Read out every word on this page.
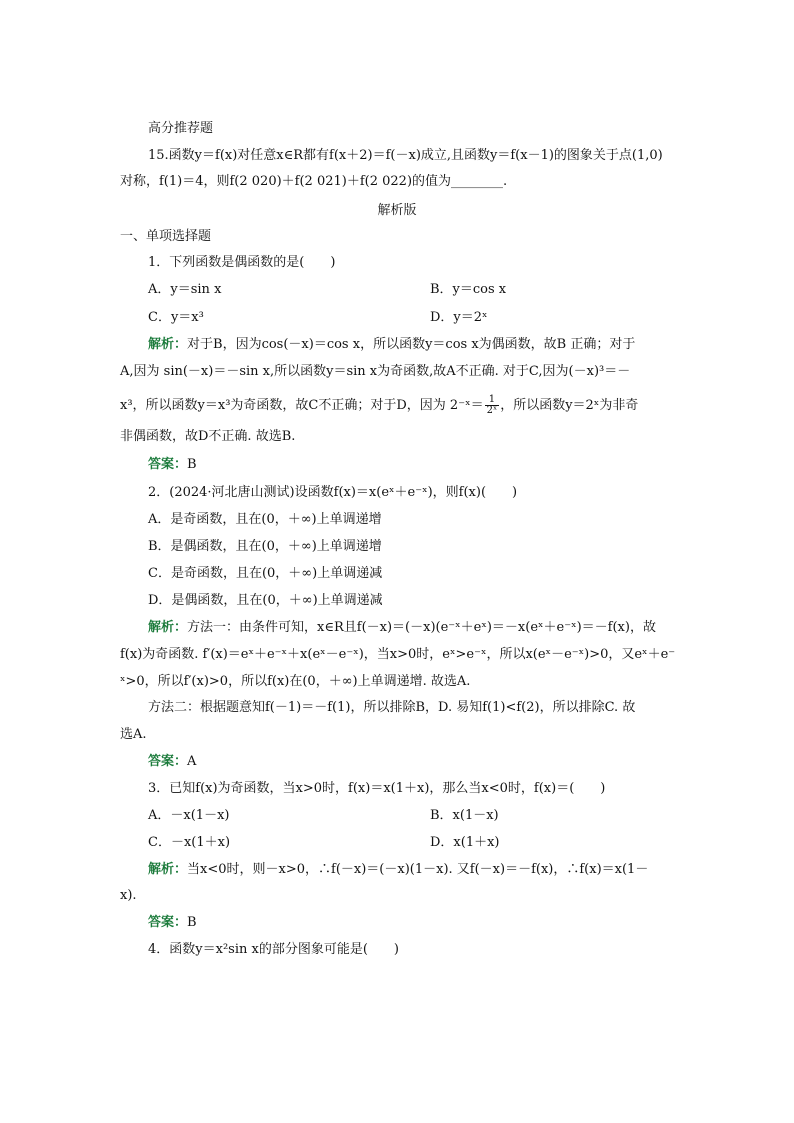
高分推荐题
15.函数y＝f(x)对任意x∈R都有f(x＋2)＝f(－x)成立,且函数y＝f(x－1)的图象关于点(1,0)
对称，f(1)＝4，则f(2 020)＋f(2 021)＋f(2 022)的值为________.
解析版
一、单项选择题
1．下列函数是偶函数的是(　　)
A．y＝sin x	B．y＝cos x
C．y＝x³	D．y＝2ˣ
解析：对于B，因为cos(－x)＝cos x，所以函数y＝cos x为偶函数，故B 正确；对于
A,因为 sin(－x)＝－sin x,所以函数y＝sin x为奇函数,故A不正确. 对于C,因为(－x)³＝－
x³，所以函数y＝x³为奇函数，故C不正确；对于D，因为 2⁻ˣ＝ $\frac{1}{\text{2ˣ}}$ ，所以函数y＝2ˣ为非奇
非偶函数，故D不正确. 故选B.
答案：B
2．(2024·河北唐山测试)设函数f(x)＝x(eˣ＋e⁻ˣ)，则f(x)(　　)
A．是奇函数，且在(0，＋∞)上单调递增
B．是偶函数，且在(0，＋∞)上单调递增
C．是奇函数，且在(0，＋∞)上单调递减
D．是偶函数，且在(0，＋∞)上单调递减
解析：方法一：由条件可知，x∈R且f(－x)＝(－x)(e⁻ˣ＋eˣ)＝－x(eˣ＋e⁻ˣ)＝－f(x)，故
f(x)为奇函数. f′(x)＝eˣ＋e⁻ˣ＋x(eˣ－e⁻ˣ)，当x>0时，eˣ>e⁻ˣ，所以x(eˣ－e⁻ˣ)>0，又eˣ＋e⁻
ˣ>0，所以f′(x)>0，所以f(x)在(0，＋∞)上单调递增. 故选A.
方法二：根据题意知f(－1)＝－f(1)，所以排除B，D. 易知f(1)<f(2)，所以排除C. 故
选A.
答案：A
3．已知f(x)为奇函数，当x>0时，f(x)＝x(1＋x)，那么当x<0时，f(x)＝(　　)
A．－x(1－x)	B．x(1－x)
C．－x(1＋x)	D．x(1＋x)
解析：当x<0时，则－x>0，∴f(－x)＝(－x)(1－x). 又f(－x)＝－f(x)，∴f(x)＝x(1－
x).
答案：B
4．函数y＝x²sin x的部分图象可能是(　　)
